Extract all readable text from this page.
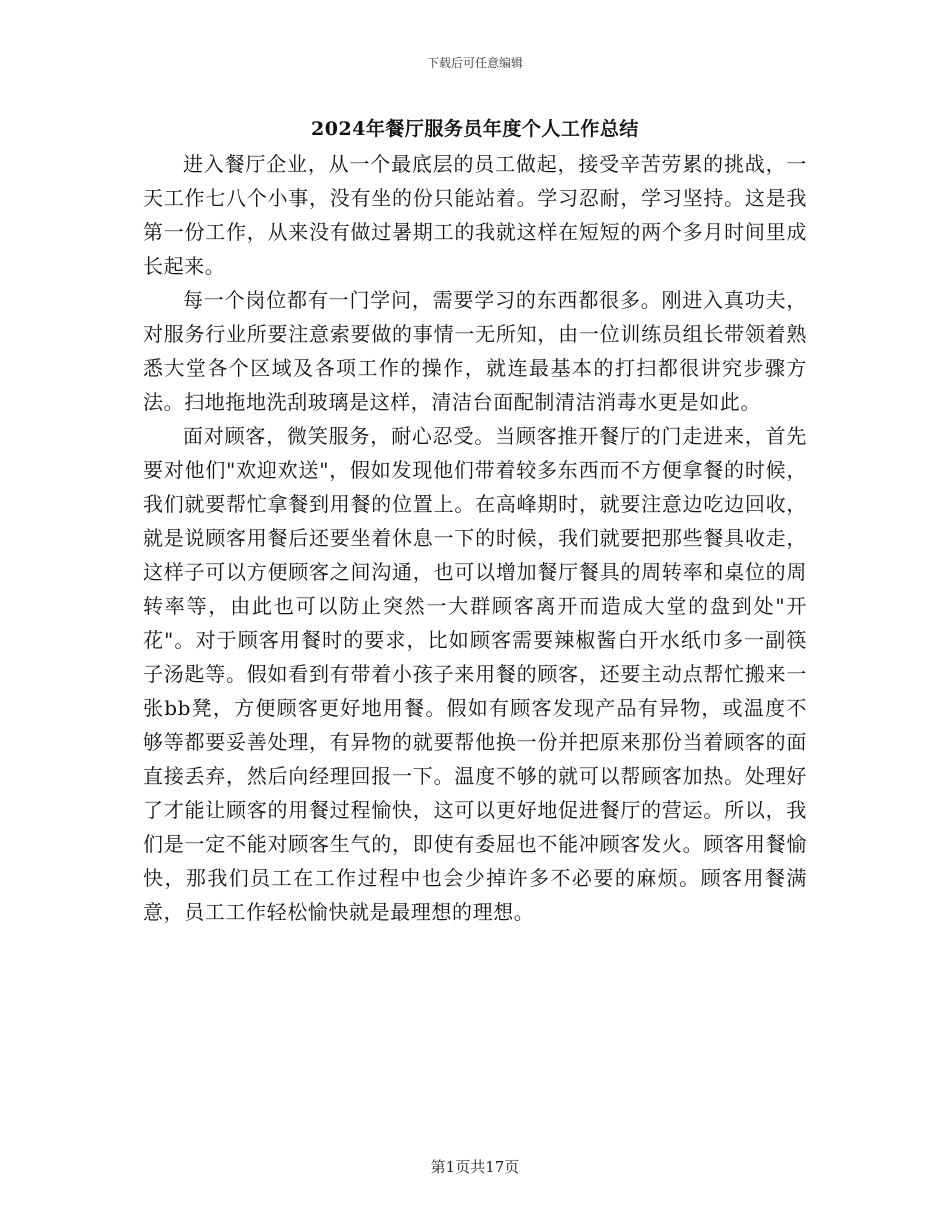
下载后可任意编辑
2024年餐厅服务员年度个人工作总结

进入餐厅企业，从一个最底层的员工做起，接受辛苦劳累的挑战，一天工作七八个小事，没有坐的份只能站着。学习忍耐，学习坚持。这是我第一份工作，从来没有做过暑期工的我就这样在短短的两个多月时间里成长起来。

每一个岗位都有一门学问，需要学习的东西都很多。刚进入真功夫，对服务行业所要注意索要做的事情一无所知，由一位训练员组长带领着熟悉大堂各个区域及各项工作的操作，就连最基本的打扫都很讲究步骤方法。扫地拖地洗刮玻璃是这样，清洁台面配制清洁消毒水更是如此。

面对顾客，微笑服务，耐心忍受。当顾客推开餐厅的门走进来，首先要对他们"欢迎欢送"，假如发现他们带着较多东西而不方便拿餐的时候，我们就要帮忙拿餐到用餐的位置上。在高峰期时，就要注意边吃边回收，就是说顾客用餐后还要坐着休息一下的时候，我们就要把那些餐具收走，这样子可以方便顾客之间沟通，也可以增加餐厅餐具的周转率和桌位的周转率等，由此也可以防止突然一大群顾客离开而造成大堂的盘到处"开花"。对于顾客用餐时的要求，比如顾客需要辣椒酱白开水纸巾多一副筷子汤匙等。假如看到有带着小孩子来用餐的顾客，还要主动点帮忙搬来一张bb凳，方便顾客更好地用餐。假如有顾客发现产品有异物，或温度不够等都要妥善处理，有异物的就要帮他换一份并把原来那份当着顾客的面直接丢弃，然后向经理回报一下。温度不够的就可以帮顾客加热。处理好了才能让顾客的用餐过程愉快，这可以更好地促进餐厅的营运。所以，我们是一定不能对顾客生气的，即使有委屈也不能冲顾客发火。顾客用餐愉快，那我们员工在工作过程中也会少掉许多不必要的麻烦。顾客用餐满意，员工工作轻松愉快就是最理想的理想。

第1页共17页
